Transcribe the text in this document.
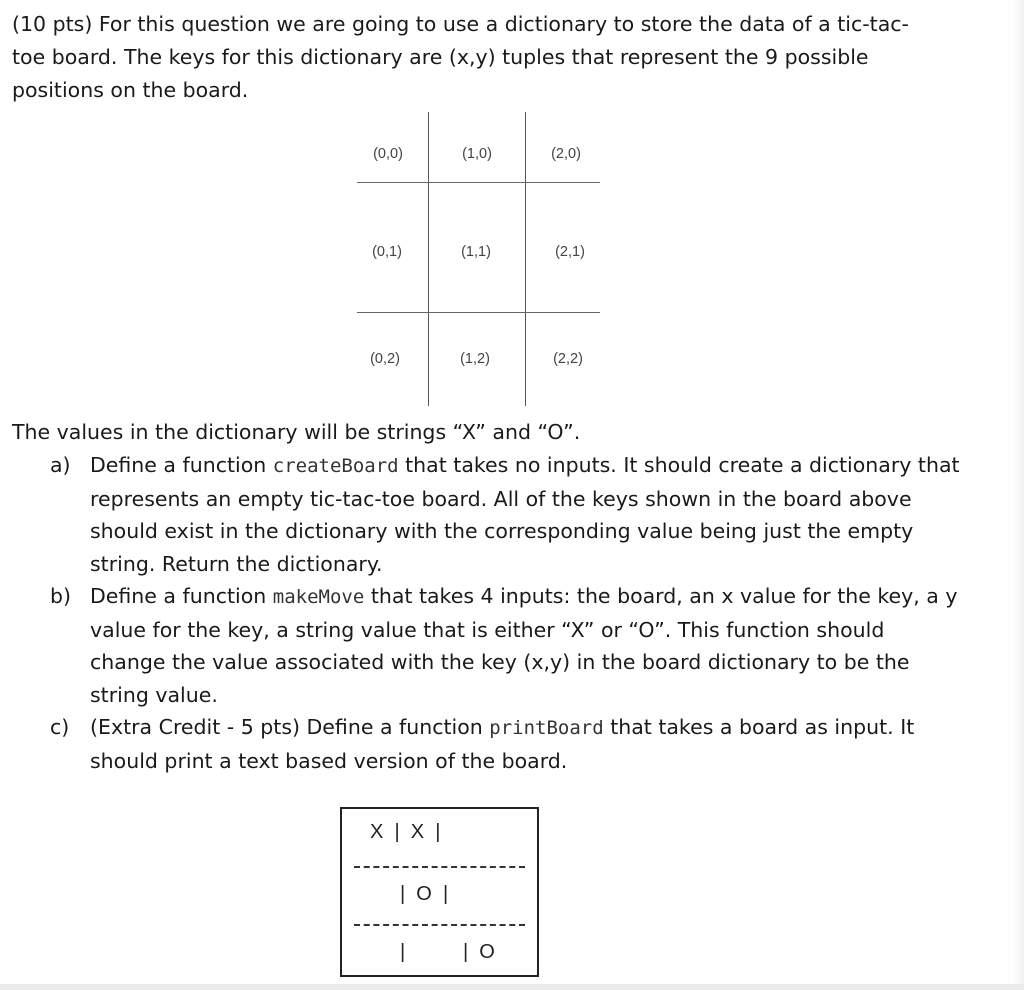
(10 pts) For this question we are going to use a dictionary to store the data of a tic-tac-toe board. The keys for this dictionary are (x,y) tuples that represent the 9 possible positions on the board.

(0,0)	(1,0)	(2,0)
(0,1)	(1,1)	(2,1)
(0,2)	(1,2)	(2,2)

The values in the dictionary will be strings “X” and “O”.

a) Define a function createBoard that takes no inputs. It should create a dictionary that represents an empty tic-tac-toe board. All of the keys shown in the board above should exist in the dictionary with the corresponding value being just the empty string. Return the dictionary.
b) Define a function makeMove that takes 4 inputs: the board, an x value for the key, a y value for the key, a string value that is either “X” or “O”. This function should change the value associated with the key (x,y) in the board dictionary to be the string value.
c) (Extra Credit - 5 pts) Define a function printBoard that takes a board as input. It should print a text based version of the board.
X  |  X  |
|  O  |
|	|  O
